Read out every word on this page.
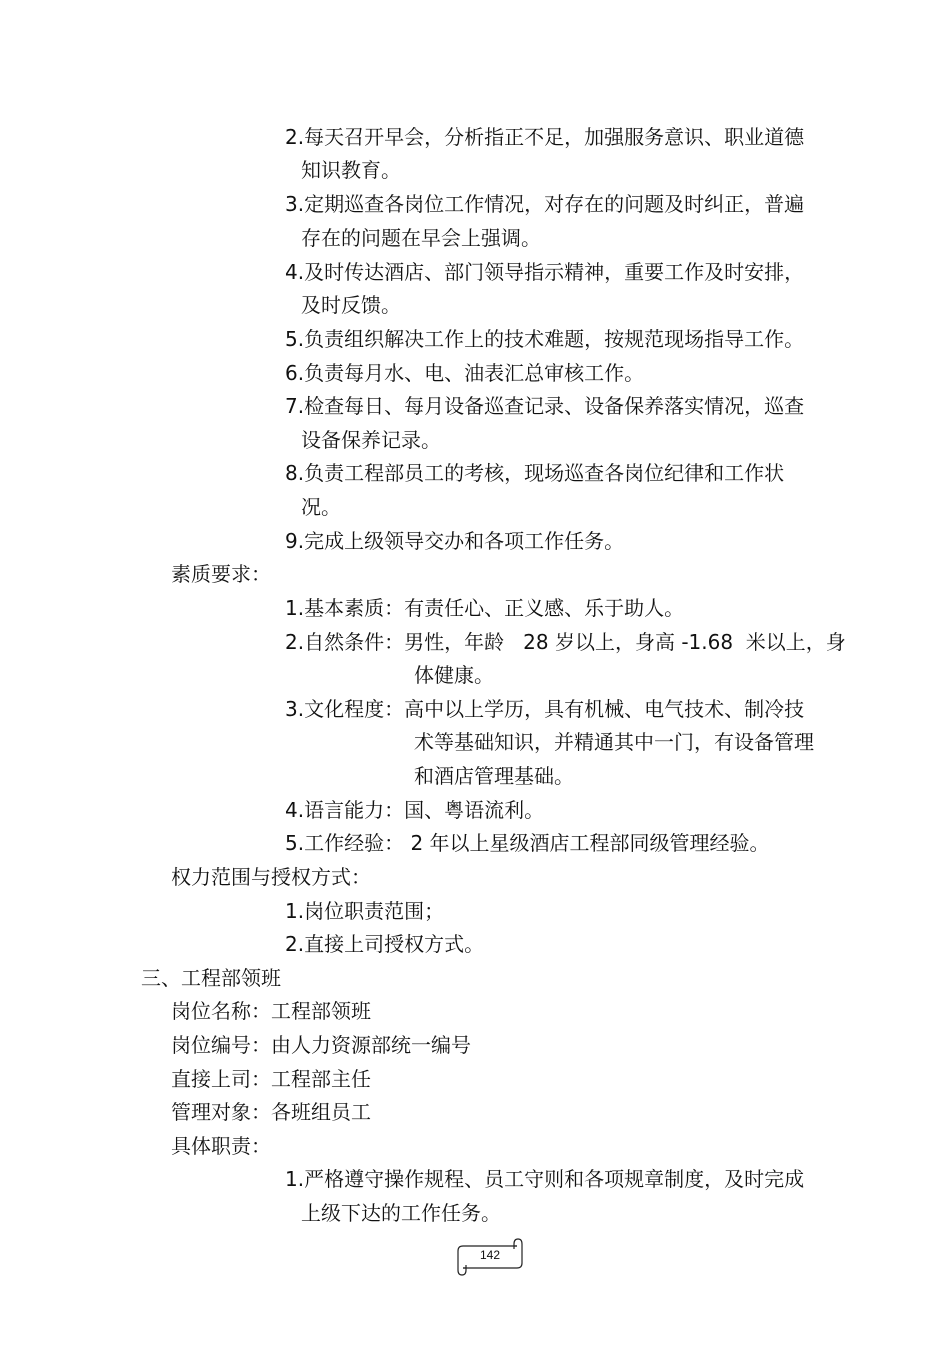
2.每天召开早会，分析指正不足，加强服务意识、职业道德
知识教育。
3.定期巡查各岗位工作情况，对存在的问题及时纠正，普遍
存在的问题在早会上强调。
4.及时传达酒店、部门领导指示精神，重要工作及时安排，
及时反馈。
5.负责组织解决工作上的技术难题，按规范现场指导工作。
6.负责每月水、电、油表汇总审核工作。
7.检查每日、每月设备巡查记录、设备保养落实情况，巡查
设备保养记录。
8.负责工程部员工的考核，现场巡查各岗位纪律和工作状
况。
9.完成上级领导交办和各项工作任务。
素质要求：
1.基本素质：有责任心、正义感、乐于助人。
2.自然条件：男性，年龄   28 岁以上，身高 -1.68  米以上，身
体健康。
3.文化程度：高中以上学历，具有机械、电气技术、制冷技
术等基础知识，并精通其中一门，有设备管理
和酒店管理基础。
4.语言能力：国、粤语流利。
5.工作经验： 2 年以上星级酒店工程部同级管理经验。
权力范围与授权方式：
1.岗位职责范围；
2.直接上司授权方式。
三、工程部领班
岗位名称：工程部领班
岗位编号：由人力资源部统一编号
直接上司：工程部主任
管理对象：各班组员工
具体职责：
1.严格遵守操作规程、员工守则和各项规章制度，及时完成
上级下达的工作任务。
142
